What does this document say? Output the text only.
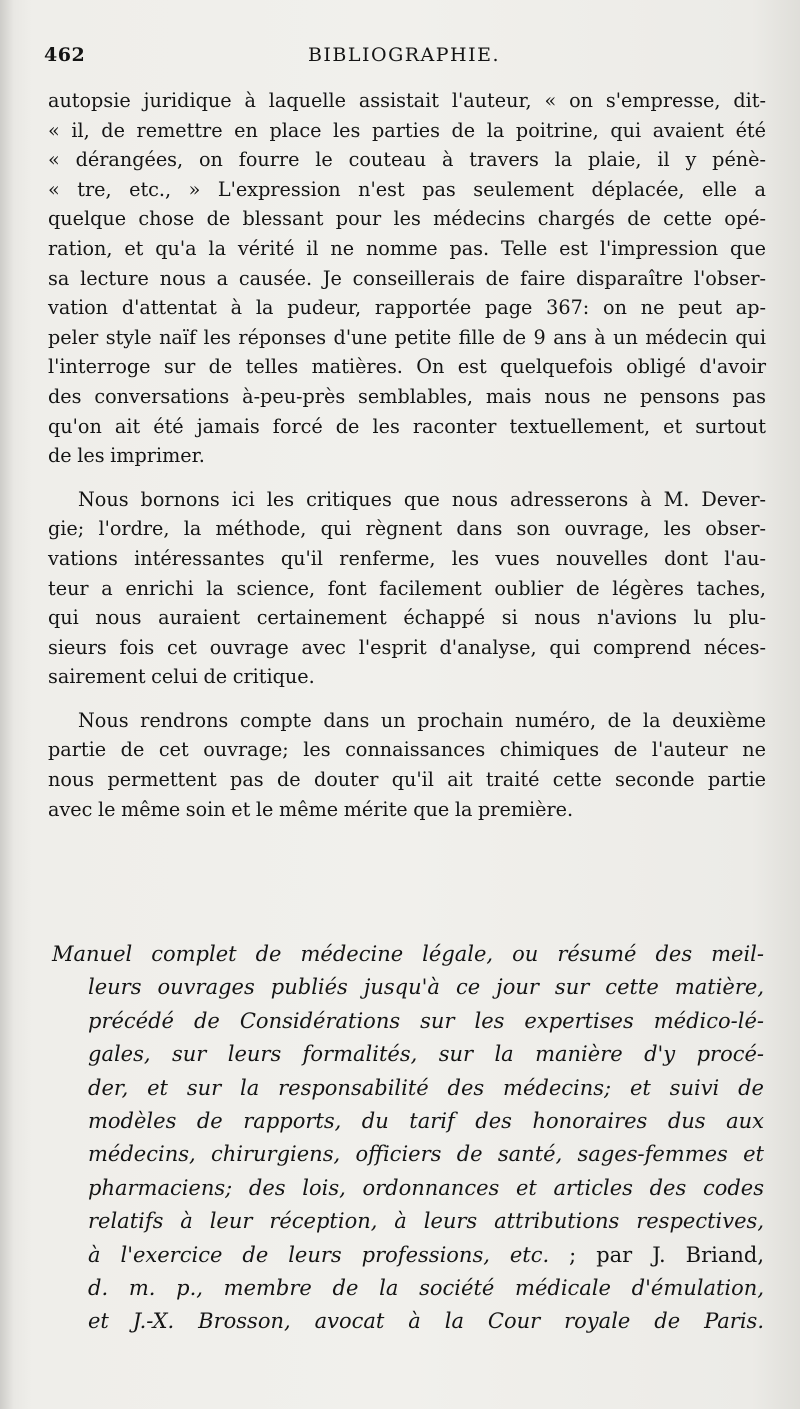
462	BIBLIOGRAPHIE.
autopsie juridique à laquelle assistait l'auteur, « on s'empresse, dit-
« il, de remettre en place les parties de la poitrine, qui avaient été
« dérangées, on fourre le couteau à travers la plaie, il y pénè-
« tre, etc., » L'expression n'est pas seulement déplacée, elle a
quelque chose de blessant pour les médecins chargés de cette opé-
ration, et qu'a la vérité il ne nomme pas. Telle est l'impression que
sa lecture nous a causée. Je conseillerais de faire disparaître l'obser-
vation d'attentat à la pudeur, rapportée page 367: on ne peut ap-
peler style naïf les réponses d'une petite fille de 9 ans à un médecin qui
l'interroge sur de telles matières. On est quelquefois obligé d'avoir
des conversations à-peu-près semblables, mais nous ne pensons pas
qu'on ait été jamais forcé de les raconter textuellement, et surtout
de les imprimer.
Nous bornons ici les critiques que nous adresserons à M. Dever-
gie; l'ordre, la méthode, qui règnent dans son ouvrage, les obser-
vations intéressantes qu'il renferme, les vues nouvelles dont l'au-
teur a enrichi la science, font facilement oublier de légères taches,
qui nous auraient certainement échappé si nous n'avions lu plu-
sieurs fois cet ouvrage avec l'esprit d'analyse, qui comprend néces-
sairement celui de critique.
Nous rendrons compte dans un prochain numéro, de la deuxième
partie de cet ouvrage; les connaissances chimiques de l'auteur ne
nous permettent pas de douter qu'il ait traité cette seconde partie
avec le même soin et le même mérite que la première.
Manuel complet de médecine légale, ou résumé des meil-
leurs ouvrages publiés jusqu'à ce jour sur cette matière,
précédé de Considérations sur les expertises médico-lé-
gales, sur leurs formalités, sur la manière d'y procé-
der, et sur la responsabilité des médecins; et suivi de
modèles de rapports, du tarif des honoraires dus aux
médecins, chirurgiens, officiers de santé, sages-femmes et
pharmaciens; des lois, ordonnances et articles des codes
relatifs à leur réception, à leurs attributions respectives,
à l'exercice de leurs professions, etc. ; par J. Briand,
d. m. p., membre de la société médicale d'émulation,
et J.-X. Brosson, avocat à la Cour royale de Paris.
